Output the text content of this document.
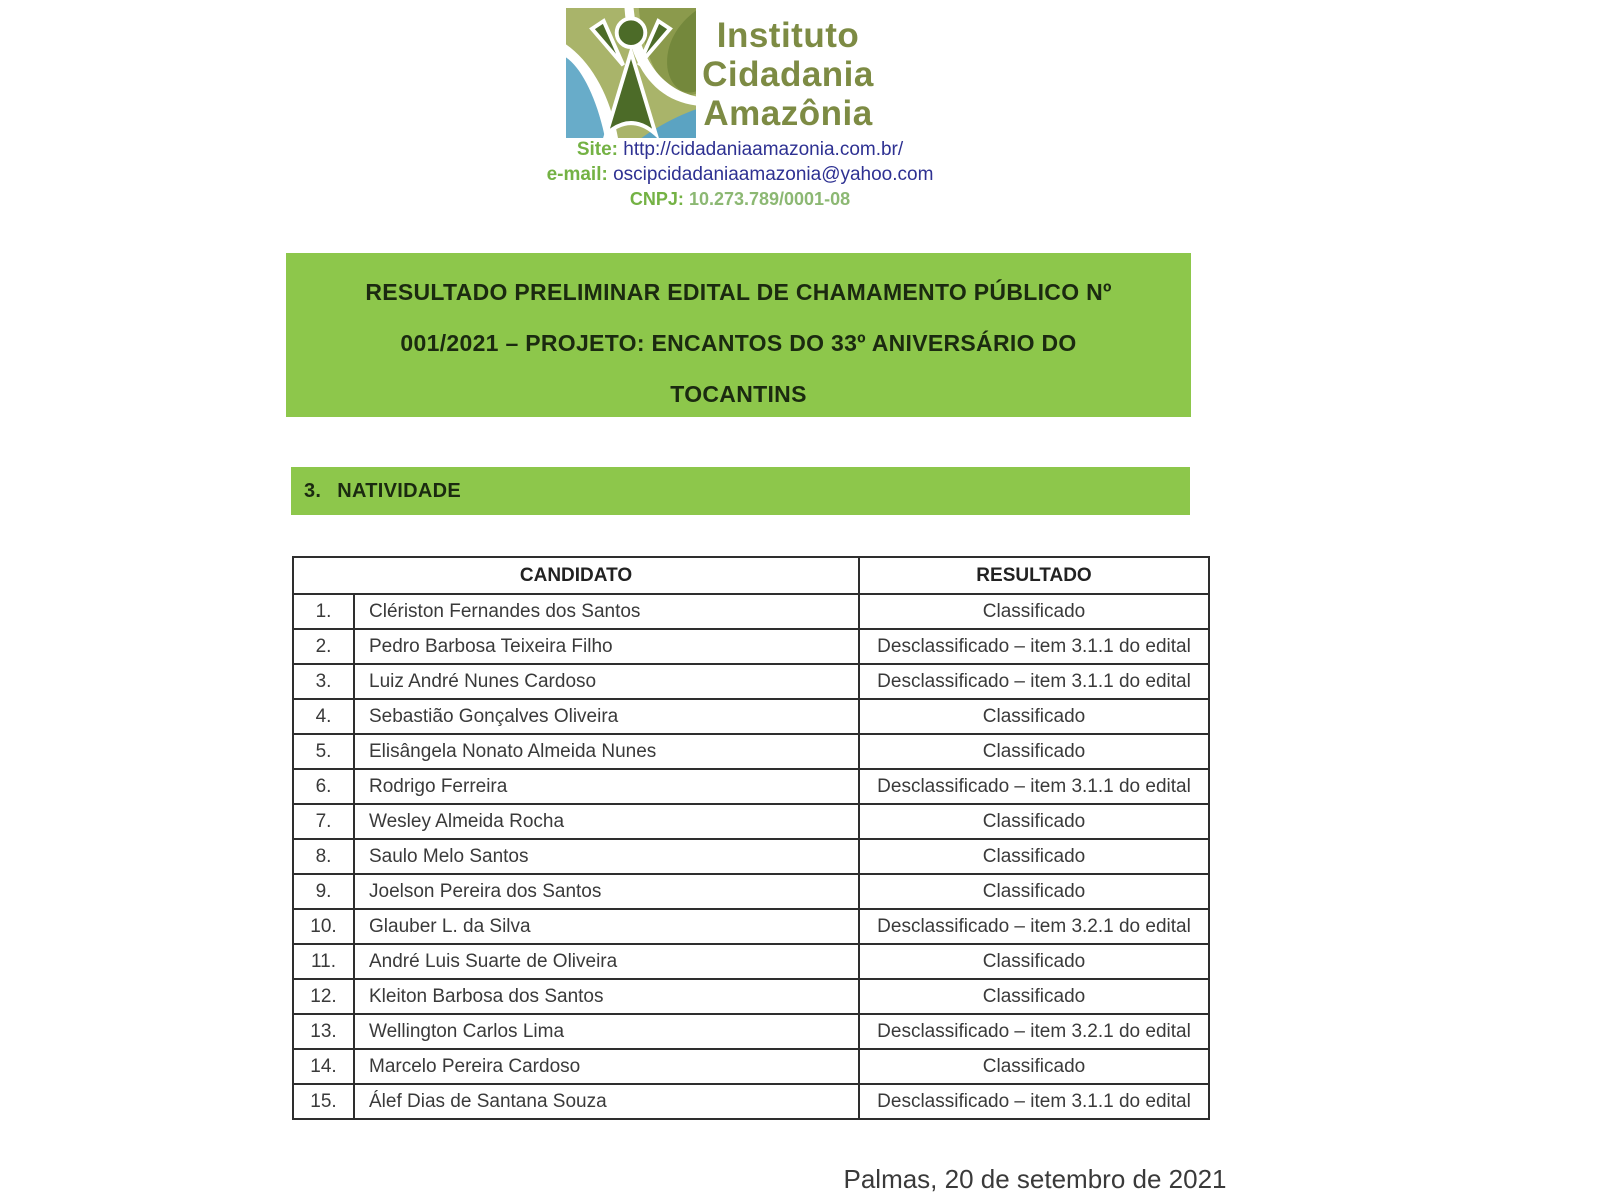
Instituto
Cidadania
Amazônia
Site: http://cidadaniaamazonia.com.br/
e-mail: oscipcidadaniaamazonia@yahoo.com
CNPJ: 10.273.789/0001-08
RESULTADO PRELIMINAR EDITAL DE CHAMAMENTO PÚBLICO Nº
001/2021 – PROJETO: ENCANTOS DO 33º ANIVERSÁRIO DO
TOCANTINS
3. NATIVIDADE
CANDIDATO		RESULTADO
1.	Clériston Fernandes dos Santos	Classificado
2.	Pedro Barbosa Teixeira Filho	Desclassificado – item 3.1.1 do edital
3.	Luiz André Nunes Cardoso	Desclassificado – item 3.1.1 do edital
4.	Sebastião Gonçalves Oliveira	Classificado
5.	Elisângela Nonato Almeida Nunes	Classificado
6.	Rodrigo Ferreira	Desclassificado – item 3.1.1 do edital
7.	Wesley Almeida Rocha	Classificado
8.	Saulo Melo Santos	Classificado
9.	Joelson Pereira dos Santos	Classificado
10.	Glauber L. da Silva	Desclassificado – item 3.2.1 do edital
11.	André Luis Suarte de Oliveira	Classificado
12.	Kleiton Barbosa dos Santos	Classificado
13.	Wellington Carlos Lima	Desclassificado – item 3.2.1 do edital
14.	Marcelo Pereira Cardoso	Classificado
15.	Álef Dias de Santana Souza	Desclassificado – item 3.1.1 do edital
Palmas, 20 de setembro de 2021
